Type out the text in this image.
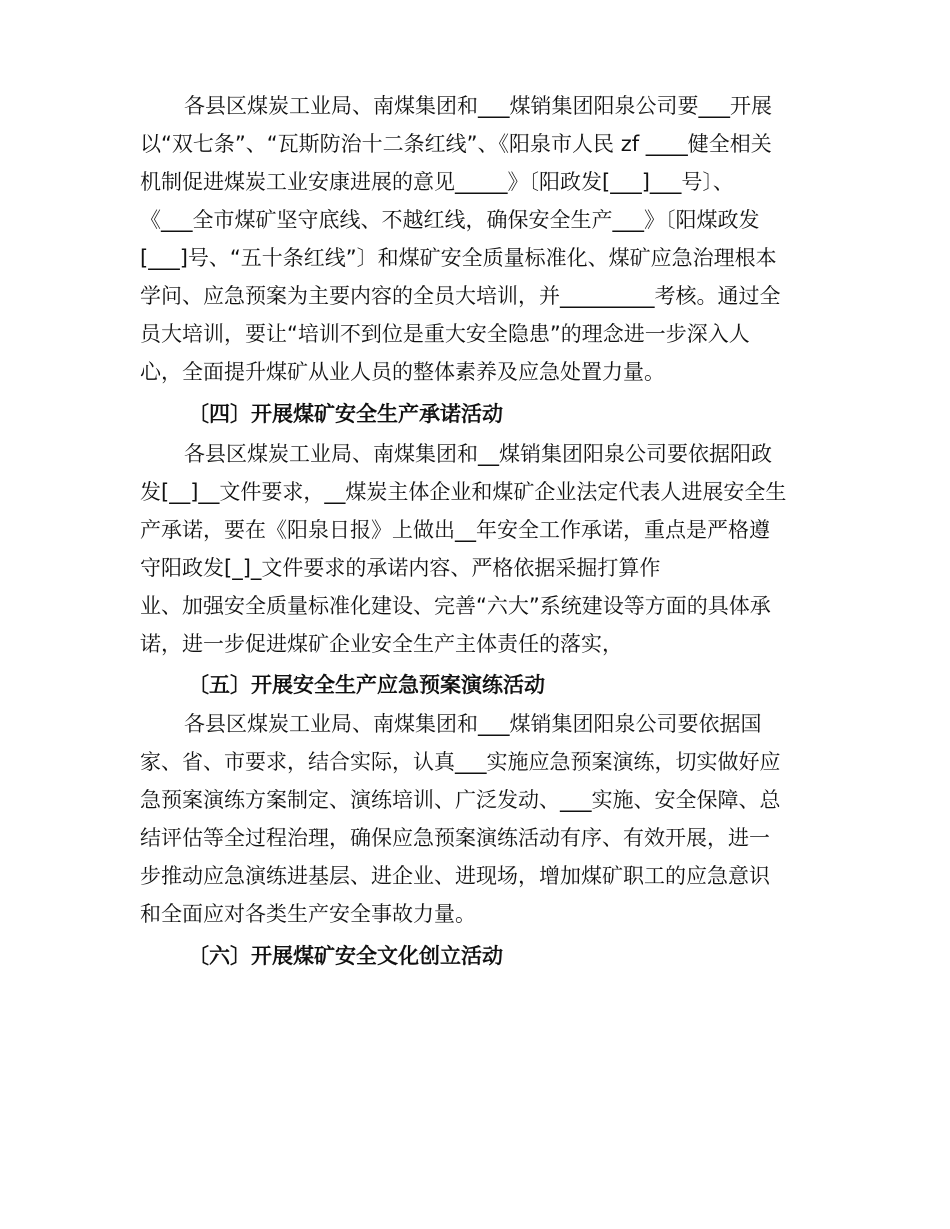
各县区煤炭工业局、南煤集团和___煤销集团阳泉公司要___开展
以“双七条”、“瓦斯防治十二条红线”、《阳泉市人民 zf ____健全相关
机制促进煤炭工业安康进展的意见_____》〔阳政发[___]___号〕、
《___全市煤矿坚守底线、不越红线，确保安全生产___》〔阳煤政发
[___]号、“五十条红线”〕和煤矿安全质量标准化、煤矿应急治理根本
学问、应急预案为主要内容的全员大培训，并_________考核。通过全
员大培训，要让“培训不到位是重大安全隐患”的理念进一步深入人
心，全面提升煤矿从业人员的整体素养及应急处置力量。
〔四〕开展煤矿安全生产承诺活动
各县区煤炭工业局、南煤集团和__煤销集团阳泉公司要依据阳政
发[__]__文件要求，__煤炭主体企业和煤矿企业法定代表人进展安全生
产承诺，要在《阳泉日报》上做出__年安全工作承诺，重点是严格遵
守阳政发[_]_文件要求的承诺内容、严格依据采掘打算作
业、加强安全质量标准化建设、完善“六大”系统建设等方面的具体承
诺，进一步促进煤矿企业安全生产主体责任的落实，
〔五〕开展安全生产应急预案演练活动
各县区煤炭工业局、南煤集团和___煤销集团阳泉公司要依据国
家、省、市要求，结合实际，认真___实施应急预案演练，切实做好应
急预案演练方案制定、演练培训、广泛发动、___实施、安全保障、总
结评估等全过程治理，确保应急预案演练活动有序、有效开展，进一
步推动应急演练进基层、进企业、进现场，增加煤矿职工的应急意识
和全面应对各类生产安全事故力量。
〔六〕开展煤矿安全文化创立活动
